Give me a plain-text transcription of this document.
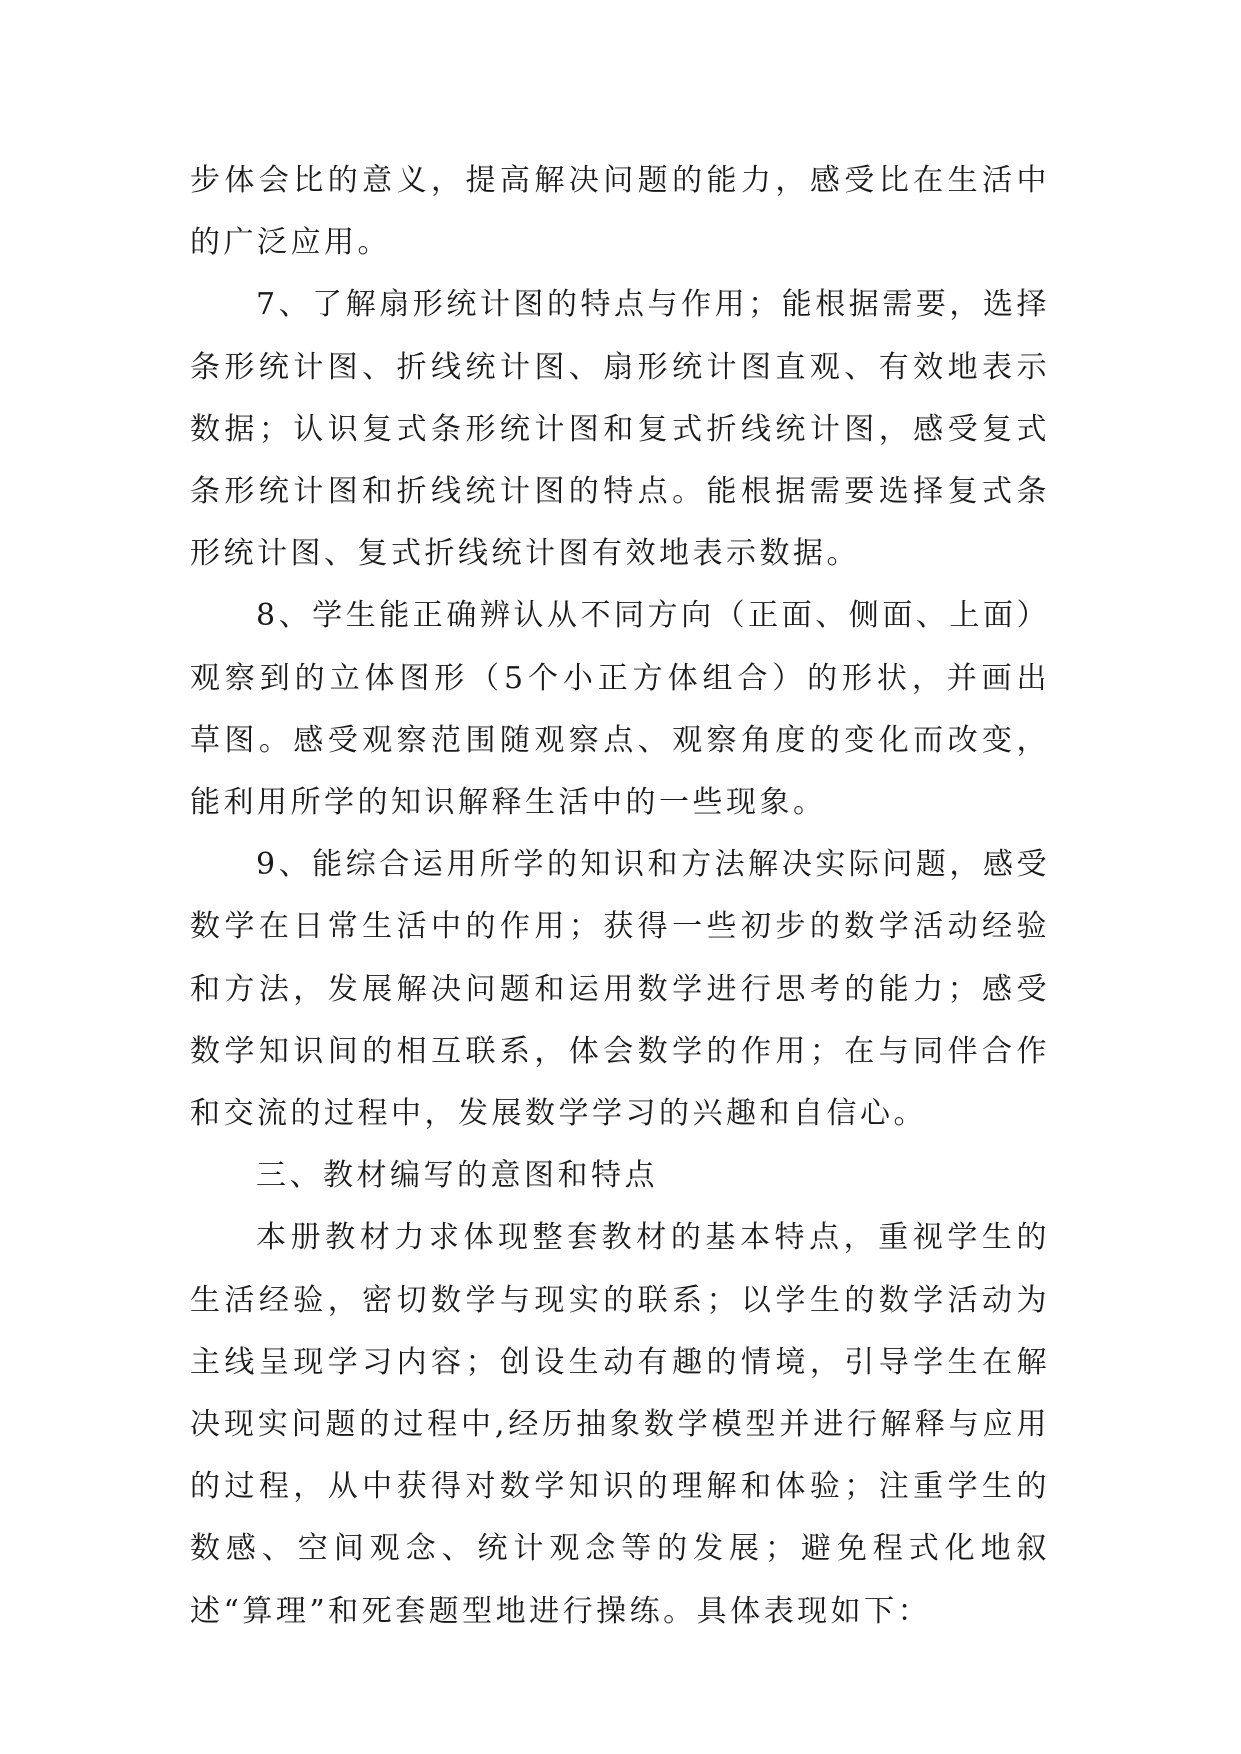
步体会比的意义，提高解决问题的能力，感受比在生活中的广泛应用。

7、了解扇形统计图的特点与作用；能根据需要，选择条形统计图、折线统计图、扇形统计图直观、有效地表示数据；认识复式条形统计图和复式折线统计图，感受复式条形统计图和折线统计图的特点。能根据需要选择复式条形统计图、复式折线统计图有效地表示数据。

8、学生能正确辨认从不同方向（正面、侧面、上面）观察到的立体图形（5个小正方体组合）的形状，并画出草图。感受观察范围随观察点、观察角度的变化而改变，能利用所学的知识解释生活中的一些现象。

9、能综合运用所学的知识和方法解决实际问题，感受数学在日常生活中的作用；获得一些初步的数学活动经验和方法，发展解决问题和运用数学进行思考的能力；感受数学知识间的相互联系，体会数学的作用；在与同伴合作和交流的过程中，发展数学学习的兴趣和自信心。

三、教材编写的意图和特点

本册教材力求体现整套教材的基本特点，重视学生的生活经验，密切数学与现实的联系；以学生的数学活动为主线呈现学习内容；创设生动有趣的情境，引导学生在解决现实问题的过程中,经历抽象数学模型并进行解释与应用的过程，从中获得对数学知识的理解和体验；注重学生的数感、空间观念、统计观念等的发展；避免程式化地叙述“算理”和死套题型地进行操练。具体表现如下：
